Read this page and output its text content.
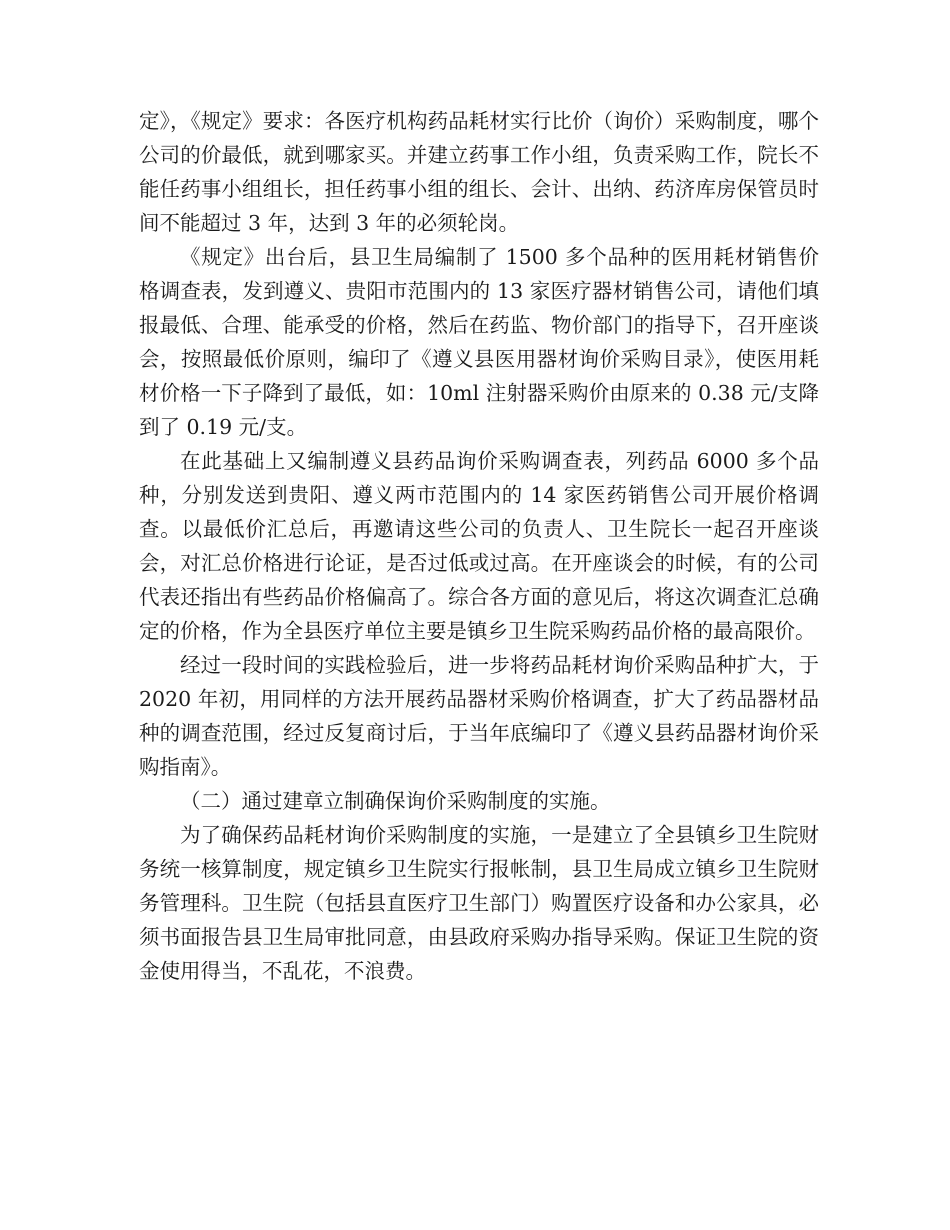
定》，《规定》要求：各医疗机构药品耗材实行比价（询价）采购制度，哪个公司的价最低，就到哪家买。并建立药事工作小组，负责采购工作，院长不能任药事小组组长，担任药事小组的组长、会计、出纳、药济库房保管员时间不能超过 3 年，达到 3 年的必须轮岗。

《规定》出台后，县卫生局编制了 1500 多个品种的医用耗材销售价格调查表，发到遵义、贵阳市范围内的 13 家医疗器材销售公司，请他们填报最低、合理、能承受的价格，然后在药监、物价部门的指导下，召开座谈会，按照最低价原则，编印了《遵义县医用器材询价采购目录》，使医用耗材价格一下子降到了最低，如：10ml 注射器采购价由原来的 0.38 元/支降到了 0.19 元/支。

在此基础上又编制遵义县药品询价采购调查表，列药品 6000 多个品种，分别发送到贵阳、遵义两市范围内的 14 家医药销售公司开展价格调查。以最低价汇总后，再邀请这些公司的负责人、卫生院长一起召开座谈会，对汇总价格进行论证，是否过低或过高。在开座谈会的时候，有的公司代表还指出有些药品价格偏高了。综合各方面的意见后，将这次调查汇总确定的价格，作为全县医疗单位主要是镇乡卫生院采购药品价格的最高限价。

经过一段时间的实践检验后，进一步将药品耗材询价采购品种扩大，于 2020 年初，用同样的方法开展药品器材采购价格调查，扩大了药品器材品种的调查范围，经过反复商讨后，于当年底编印了《遵义县药品器材询价采购指南》。

（二）通过建章立制确保询价采购制度的实施。

为了确保药品耗材询价采购制度的实施，一是建立了全县镇乡卫生院财务统一核算制度，规定镇乡卫生院实行报帐制，县卫生局成立镇乡卫生院财务管理科。卫生院（包括县直医疗卫生部门）购置医疗设备和办公家具，必须书面报告县卫生局审批同意，由县政府采购办指导采购。保证卫生院的资金使用得当，不乱花，不浪费。
